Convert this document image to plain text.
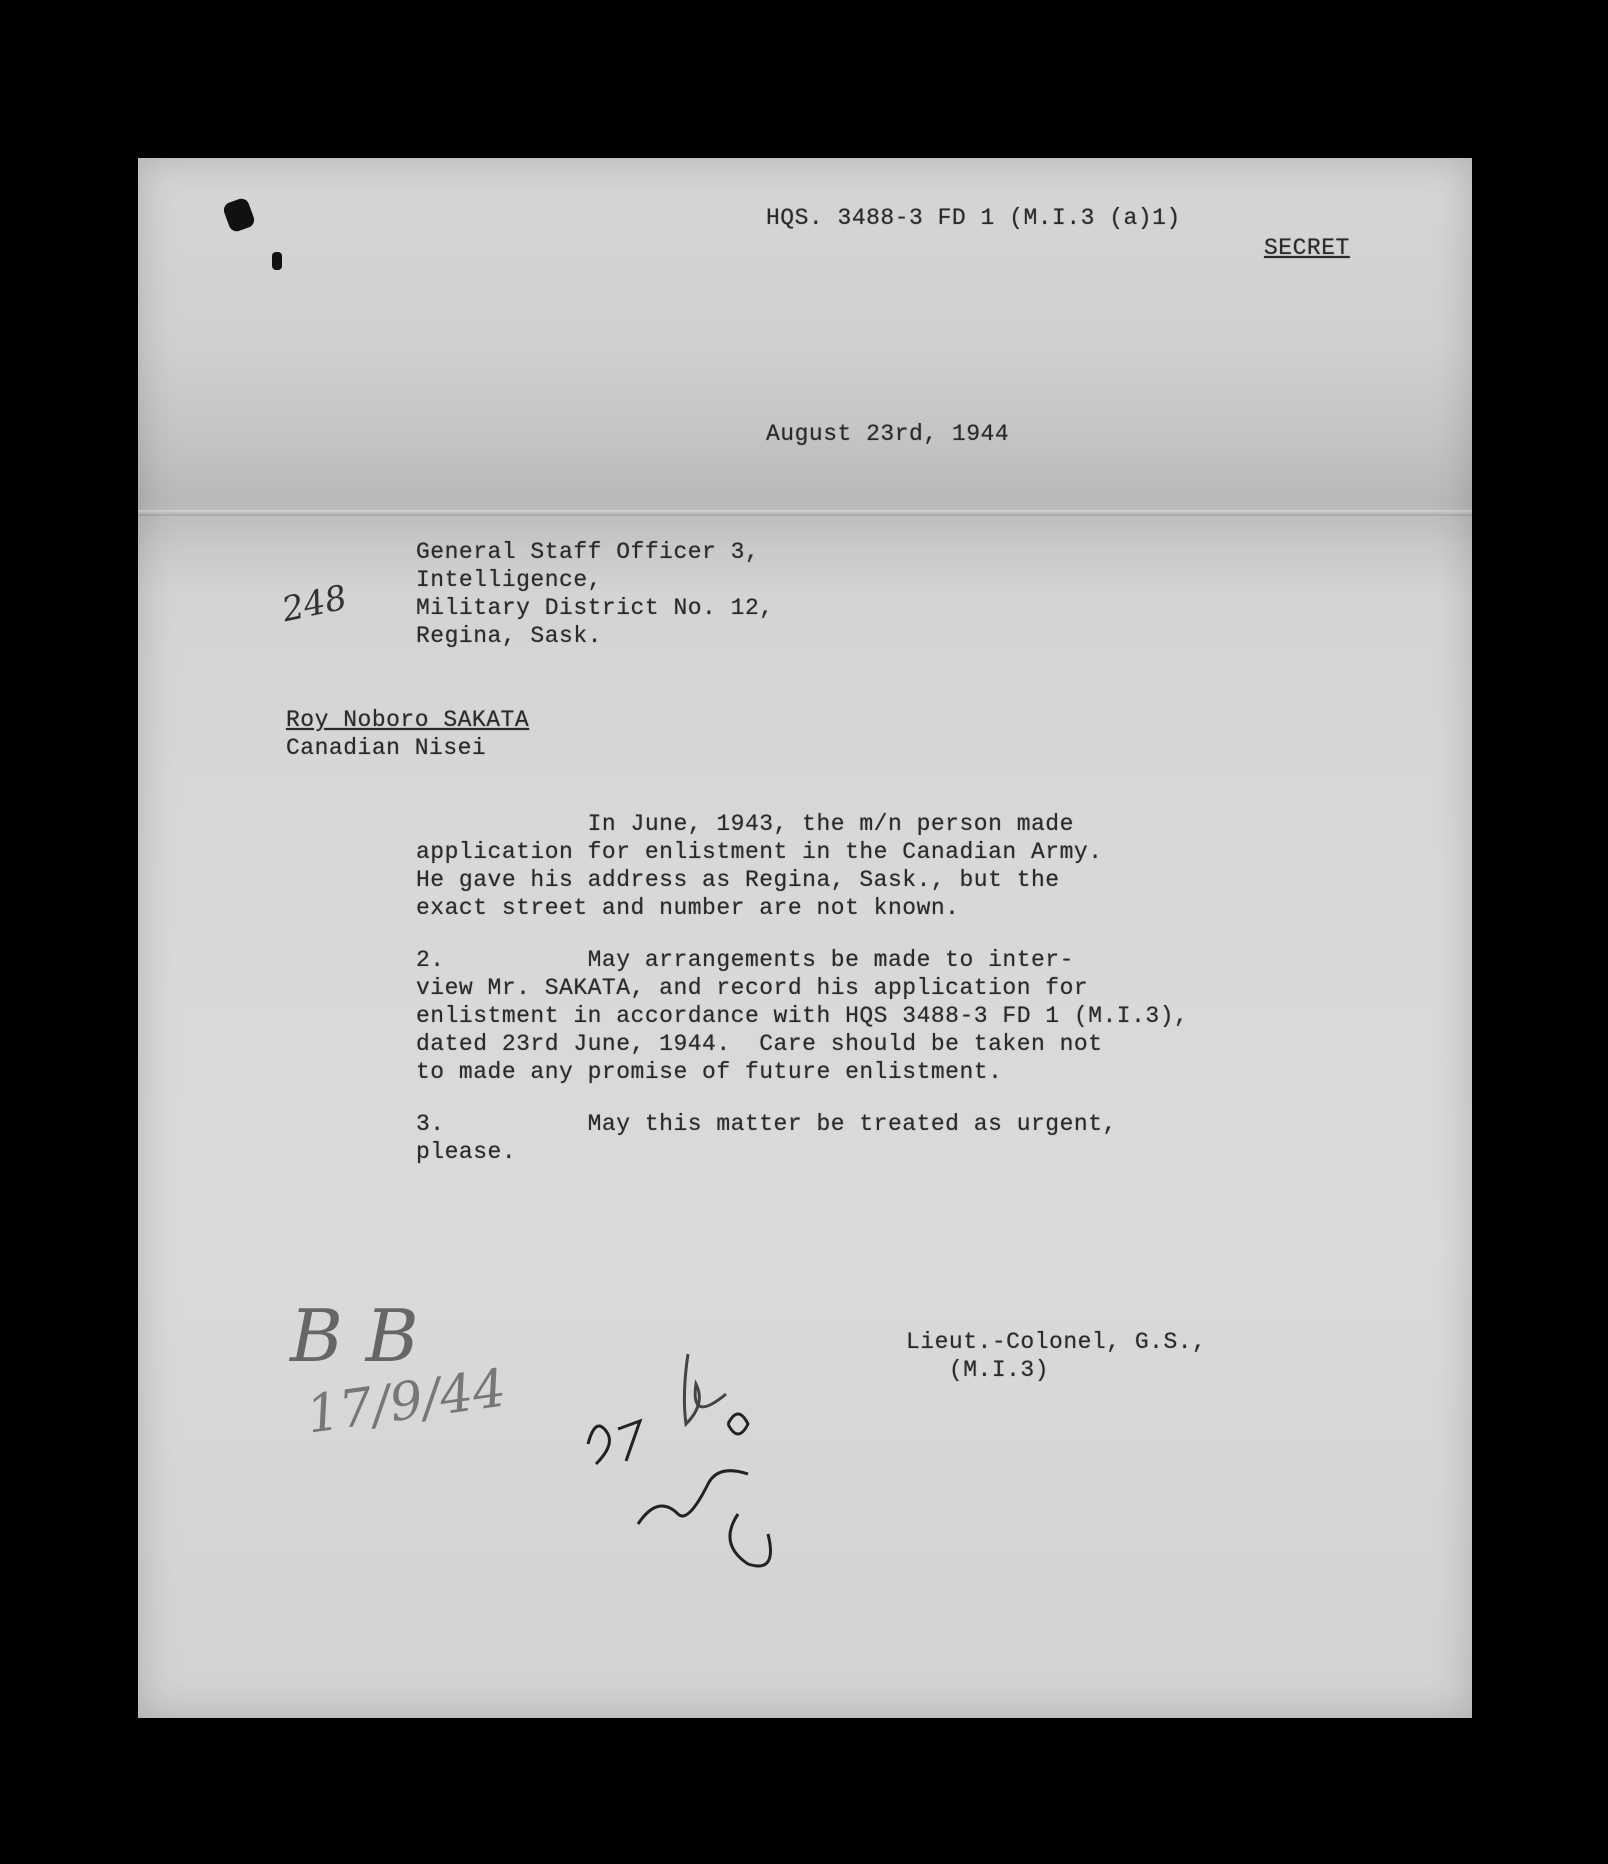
HQS. 3488-3 FD 1 (M.I.3 (a)1)
SECRET
August 23rd, 1944
General Staff Officer 3,
Intelligence,
Military District No. 12,
Regina, Sask.
Roy Noboro SAKATA
Canadian Nisei
In June, 1943, the m/n person made
application for enlistment in the Canadian Army.
He gave his address as Regina, Sask., but the
exact street and number are not known.
2.          May arrangements be made to inter-
view Mr. SAKATA, and record his application for
enlistment in accordance with HQS 3488-3 FD 1 (M.I.3),
dated 23rd June, 1944.  Care should be taken not
to made any promise of future enlistment.
3.          May this matter be treated as urgent,
please.
Lieut.-Colonel, G.S.,
(M.I.3)
248
B B
17/9/44
